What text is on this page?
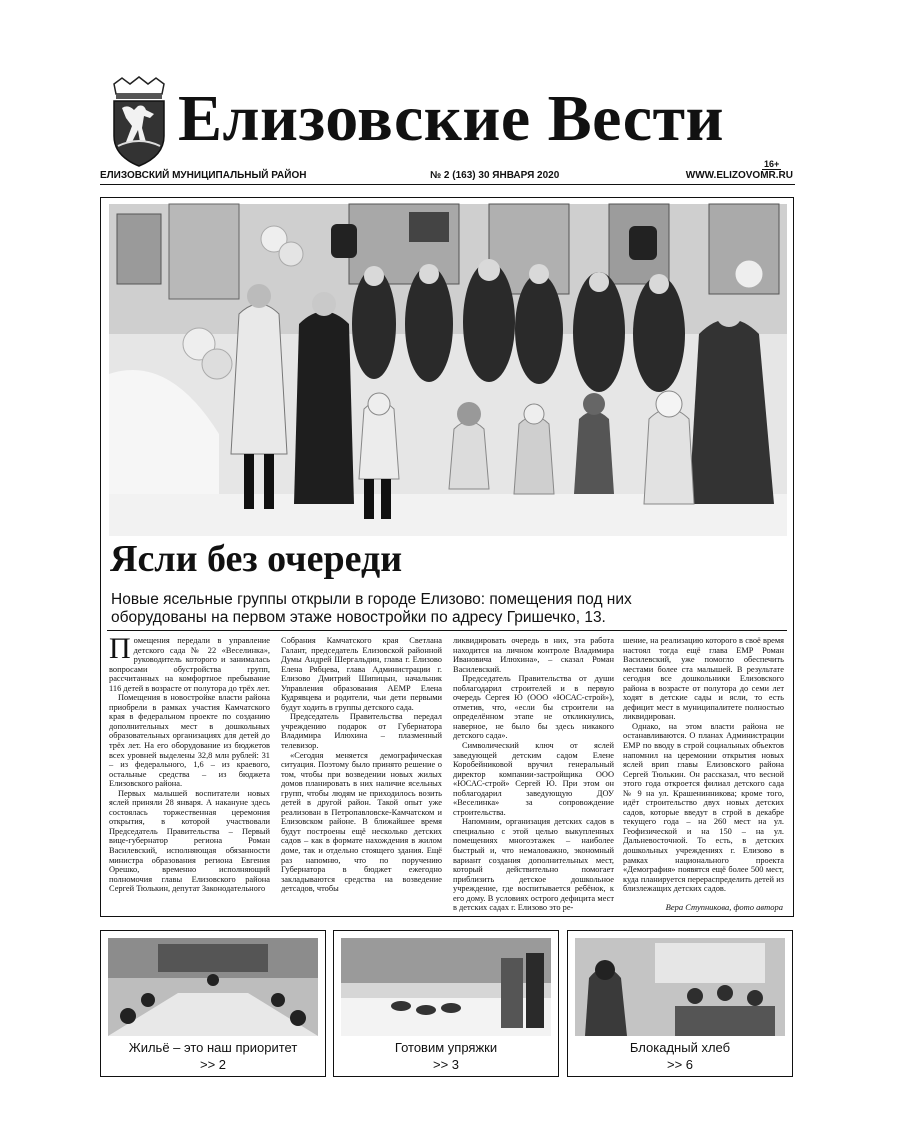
Елизовские Вести
16+
ЕЛИЗОВСКИЙ МУНИЦИПАЛЬНЫЙ РАЙОН	№ 2 (163) 30 ЯНВАРЯ 2020	WWW.ELIZOVOMR.RU
Ясли без очереди
Новые ясельные группы открыли в городе Елизово: помещения под них оборудованы на первом этаже новостройки по адресу Гришечко, 13.

Помещения передали в управление детского сада № 22 «Веселинка», руководитель которого и занималась вопросами обустройства групп, рассчитанных на комфортное пребывание 116 детей в возрасте от полутора до трёх лет.

Помещения в новостройке власти района приобрели в рамках участия Камчатского края в федеральном проекте по созданию дополнительных мест в дошкольных образовательных организациях для детей до трёх лет. На его оборудование из бюджетов всех уровней выделены 32,8 млн рублей: 31 – из федерального, 1,6 – из краевого, остальные средства – из бюджета Елизовского района.

Первых малышей воспитатели новых яслей приняли 28 января. А накануне здесь состоялась торжественная церемония открытия, в которой участвовали Председатель Правительства – Первый вице-губернатор региона Роман Василевский, исполняющая обязанности министра образования региона Евгения Орешко, временно исполняющий полномочия главы Елизовского района Сергей Тюлькин, депутат Законодательного

Собрания Камчатского края Светлана Галант, председатель Елизовской районной Думы Андрей Шергальдин, глава г. Елизово Елена Рябцева, глава Администрации г. Елизово Дмитрий Шипицын, начальник Управления образования АЕМР Елена Кудрявцева и родители, чьи дети первыми будут ходить в группы детского сада.

Председатель Правительства передал учреждению подарок от Губернатора Владимира Илюхина – плазменный телевизор.

«Сегодня меняется демографическая ситуация. Поэтому было принято решение о том, чтобы при возведении новых жилых домов планировать в них наличие ясельных групп, чтобы людям не приходилось возить детей в другой район. Такой опыт уже реализован в Петропавловске-Камчатском и Елизовском районе. В ближайшее время будут построены ещё несколько детских садов – как в формате нахождения в жилом доме, так и отдельно стоящего здания. Ещё раз напомню, что по поручению Губернатора в бюджет ежегодно закладываются средства на возведение детсадов, чтобы

ликвидировать очередь в них, эта работа находится на личном контроле Владимира Ивановича Илюхина», – сказал Роман Василевский.

Председатель Правительства от души поблагодарил строителей и в первую очередь Сергея Ю (ООО «ЮСАС-строй»), отметив, что, «если бы строители на определённом этапе не откликнулись, наверное, не было бы здесь никакого детского сада».

Символический ключ от яслей заведующей детским садом Елене Коробейниковой вручил генеральный директор компании-застройщика ООО «ЮСАС-строй» Сергей Ю. При этом он поблагодарил заведующую ДОУ «Веселинка» за сопровождение строительства.

Напомним, организация детских садов в специально с этой целью выкупленных помещениях многоэтажек – наиболее быстрый и, что немаловажно, экономный вариант создания дополнительных мест, который действительно помогает приблизить детское дошкольное учреждение, где воспитывается ребёнок, к его дому. В условиях острого дефицита мест в детских садах г. Елизово это ре-

шение, на реализацию которого в своё время настоял тогда ещё глава ЕМР Роман Василевский, уже помогло обеспечить местами более ста малышей. В результате сегодня все дошкольники Елизовского района в возрасте от полутора до семи лет ходят в детские сады и ясли, то есть дефицит мест в муниципалитете полностью ликвидирован.

Однако, на этом власти района не останавливаются. О планах Администрации ЕМР по вводу в строй социальных объектов напомнил на церемонии открытия новых яслей врип главы Елизовского района Сергей Тюлькин. Он рассказал, что весной этого года откроется филиал детского сада № 9 на ул. Крашенинникова; кроме того, идёт строительство двух новых детских садов, которые введут в строй в декабре текущего года – на 260 мест на ул. Геофизической и на 150 – на ул. Дальневосточной. То есть, в детских дошкольных учреждениях г. Елизово в рамках национального проекта «Демография» появятся ещё более 500 мест, куда планируется перераспределить детей из близлежащих детских садов.

Вера Ступникова, фото автора
Жильё – это наш приоритет
>> 2
Готовим упряжки
>> 3
Блокадный хлеб
>> 6
